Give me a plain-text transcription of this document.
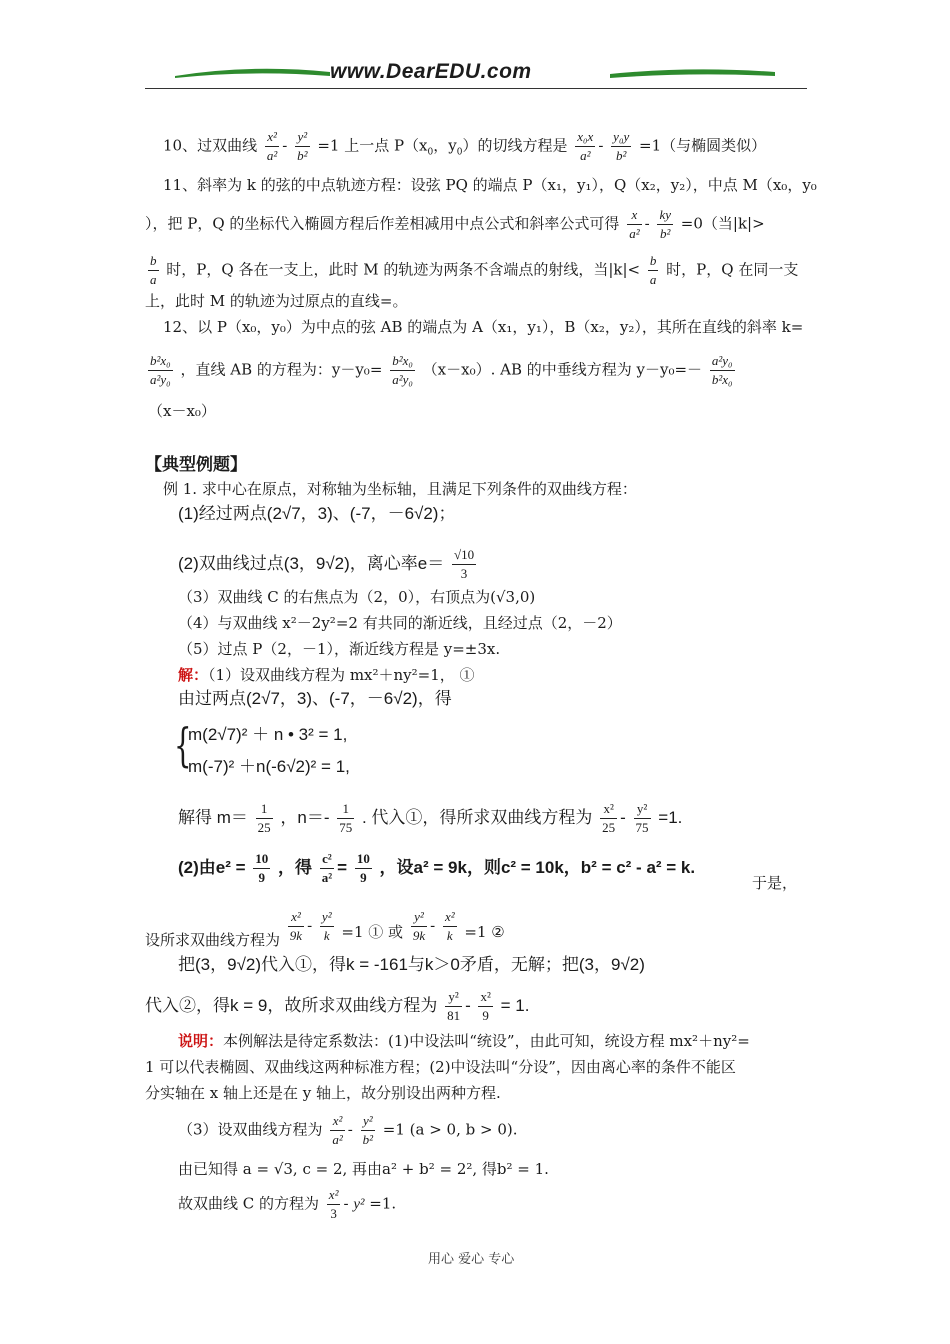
www.DearEDU.com
10、过双曲线 $\frac{\text{x²}}{\text{a²}} - \frac{\text{y²}}{\text{b²}} =1$ 上一点 $P(x_0$，$y_0$）的切线方程是 $\frac{\text{x₀x}}{\text{a²}} - \frac{\text{y₀y}}{\text{b²}} =1$（与椭圆类似）
11、斜率为 k 的弦的中点轨迹方程：设弦 PQ 的端点 P（x₁，y₁），Q（x₂，y₂），中点 M（x₀，y₀
），把 P，Q 的坐标代入椭圆方程后作差相减用中点公式和斜率公式可得 $\frac{x}{\text{a²}} - \frac{ky}{\text{b²}} =0$（当|k|>
$\frac{b}{a}$ 时，P，Q 各在一支上，此时 M 的轨迹为两条不含端点的射线，当$|k|< \frac{b}{a}$ 时，P，Q 在同一支
上，此时 M 的轨迹为过原点的直线=。
12、以 P（x₀，y₀）为中点的弦 AB 的端点为 A（x₁，y₁），B（x₂，y₂），其所在直线的斜率 k=
$\frac{\text{b²x₀}}{\text{a²y₀}}$ ，直线 AB 的方程为：$y-y_0= \frac{\text{b²x₀}}{\text{a²y₀}} (x-x_0)$. AB 的中垂线方程为 $y-y_0=- \frac{\text{a²y₀}}{\text{b²x₀}}$
（x－x₀）
【典型例题】
例 1. 求中心在原点，对称轴为坐标轴，且满足下列条件的双曲线方程：
(1)经过两点(2√7，3)、(-7，－6√2)；
(2)双曲线过点(3，9√2)，离心率$e= \frac{√10}{3}$
（3）双曲线 C 的右焦点为（2，0），右顶点为(√3,0)
（4）与双曲线 x²－2y²=2 有共同的渐近线，且经过点（2，－2）
（5）过点 P（2，－1），渐近线方程是 y=±3x.
解：（1）设双曲线方程为 mx²＋ny²=1， ①
由过两点(2√7，3)、(-7，－6√2)，得
{
m(2√7)² ＋ n • 3² = 1,
m(-7)² ＋n(-6√2)² = 1,
解得 $m= \frac{1}{25}$ ，$n=- \frac{1}{75}$ . 代入①，得所求双曲线方程为 $\frac{\text{x²}}{25} - \frac{\text{y²}}{75} =1$.
(2)由$e^2 = \frac{10}{9}$ ，得 $\frac{\text{c²}}{\text{a²}} = \frac{10}{9}$ ，设a² = 9k，则c² = 10k，b² = c² - a² = k.
于是，
设所求双曲线方程为 $\frac{\text{x²}}{9k} - \frac{\text{y²}}{k} =1$ ① 或 $\frac{\text{y²}}{9k} - \frac{\text{x²}}{k} =1$ ②
把(3，9√2)代入①，得k = -161与k＞0矛盾，无解；把(3，9√2)
代入②，得k = 9，故所求双曲线方程为 $\frac{\text{y²}}{81} - \frac{\text{x²}}{9} = 1$.
说明：本例解法是待定系数法：(1)中设法叫“统设”，由此可知，统设方程 mx²＋ny²=
1 可以代表椭圆、双曲线这两种标准方程；(2)中设法叫“分设”，因由离心率的条件不能区
分实轴在 x 轴上还是在 y 轴上，故分别设出两种方程.
（3）设双曲线方程为 $\frac{\text{x²}}{\text{a²}} - \frac{\text{y²}}{\text{b²}} =1$ (a > 0, b > 0).
由已知得 a = √3, c = 2, 再由a² + b² = 2², 得b² = 1.
故双曲线 C 的方程为 $\frac{\text{x²}}{3} - y^2 =1$.
用心 爱心 专心
